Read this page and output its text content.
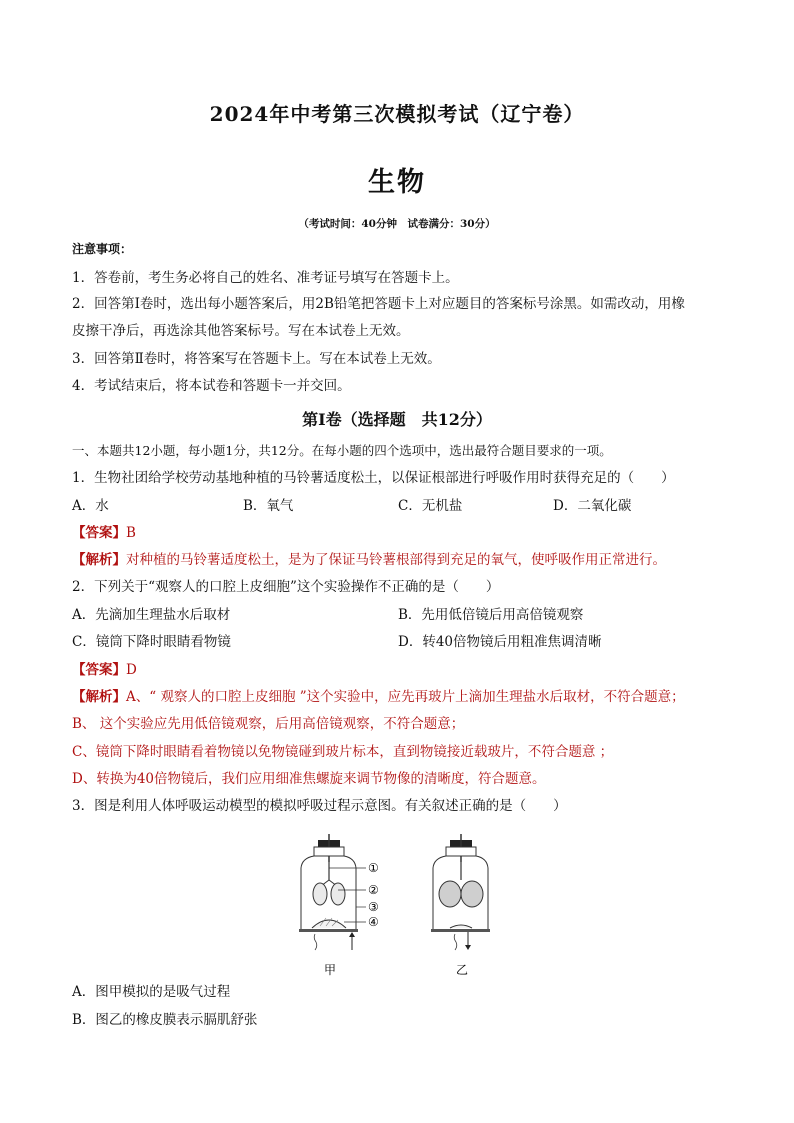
2024年中考第三次模拟考试（辽宁卷）
生物
（考试时间：40分钟　试卷满分：30分）
注意事项：
1．答卷前，考生务必将自己的姓名、准考证号填写在答题卡上。
2．回答第Ⅰ卷时，选出每小题答案后，用2B铅笔把答题卡上对应题目的答案标号涂黑。如需改动，用橡
皮擦干净后，再选涂其他答案标号。写在本试卷上无效。
3．回答第Ⅱ卷时，将答案写在答题卡上。写在本试卷上无效。
4．考试结束后，将本试卷和答题卡一并交回。
第Ⅰ卷（选择题　共12分）
一、本题共12小题，每小题1分，共12分。在每小题的四个选项中，选出最符合题目要求的一项。
1．生物社团给学校劳动基地种植的马铃薯适度松土，以保证根部进行呼吸作用时获得充足的（　　）
A．水	B．氧气	C．无机盐	D．二氧化碳
【答案】B
【解析】对种植的马铃薯适度松土，是为了保证马铃薯根部得到充足的氧气，使呼吸作用正常进行。
2．下列关于“观察人的口腔上皮细胞”这个实验操作不正确的是（　　）
A．先滴加生理盐水后取材	B．先用低倍镜后用高倍镜观察
C．镜筒下降时眼睛看物镜	D．转40倍物镜后用粗准焦调清晰
【答案】D
【解析】A、“ 观察人的口腔上皮细胞 ”这个实验中，应先再玻片上滴加生理盐水后取材，不符合题意；
B、 这个实验应先用低倍镜观察，后用高倍镜观察，不符合题意；
C、镜筒下降时眼睛看着物镜以免物镜碰到玻片标本，直到物镜接近载玻片，不符合题意 ；
D、转换为40倍物镜后，我们应用细准焦螺旋来调节物像的清晰度，符合题意。
3．图是利用人体呼吸运动模型的模拟呼吸过程示意图。有关叙述正确的是（　　）
①
②
③
④
甲	乙
A．图甲模拟的是吸气过程
B．图乙的橡皮膜表示膈肌舒张
